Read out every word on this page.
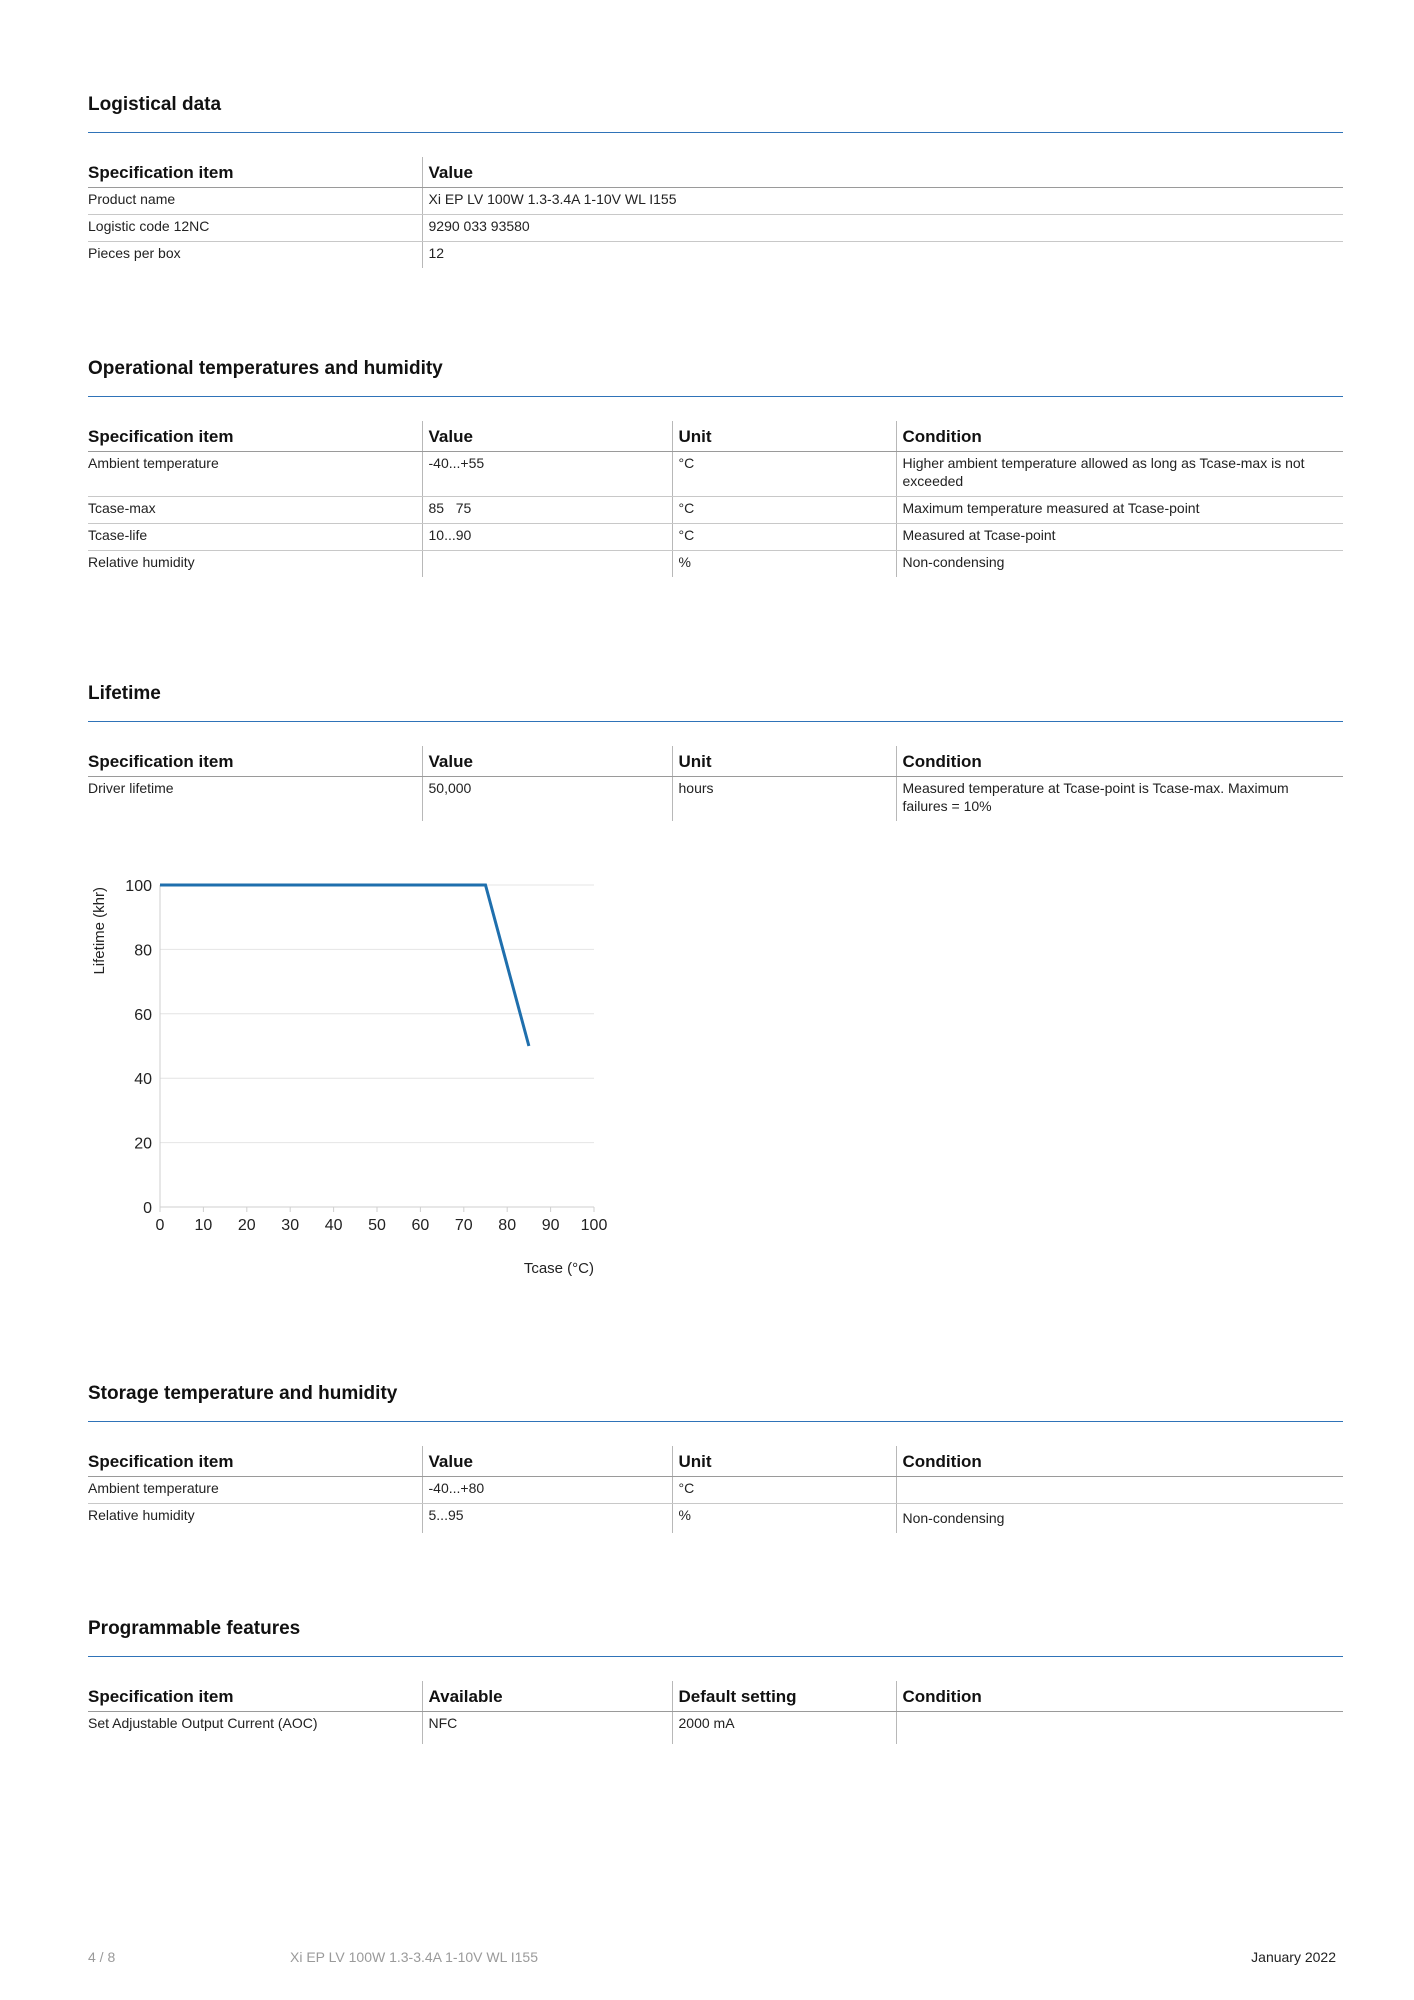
Logistical data
Specification item	Value
Product name	Xi EP LV 100W 1.3-3.4A 1-10V WL I155
Logistic code 12NC	9290 033 93580
Pieces per box	12
Operational temperatures and humidity
Specification item	Value	Unit	Condition
Ambient temperature	-40...+55	°C	Higher ambient temperature allowed as long as Tcase-max is not exceeded
Tcase-max	85   75	°C	Maximum temperature measured at Tcase-point
Tcase-life	10...90	°C	Measured at Tcase-point
Relative humidity		%	Non-condensing
Lifetime
Specification item	Value	Unit	Condition
Driver lifetime	50,000	hours	Measured temperature at Tcase-point is Tcase-max. Maximum failures = 10%
0
20
40
60
80
100
0 10 20 30 40 50 60 70 80 90 100
Tcase (°C)
Lifetime (khr)
Storage temperature and humidity
Specification item	Value	Unit	Condition
Ambient temperature	-40...+80	°C	
Relative humidity	5...95	%	Non-condensing
Programmable features
Specification item	Available	Default setting	Condition
Set Adjustable Output Current (AOC)	NFC	2000 mA	
4 / 8	Xi EP LV 100W 1.3-3.4A 1-10V WL I155	January 2022
